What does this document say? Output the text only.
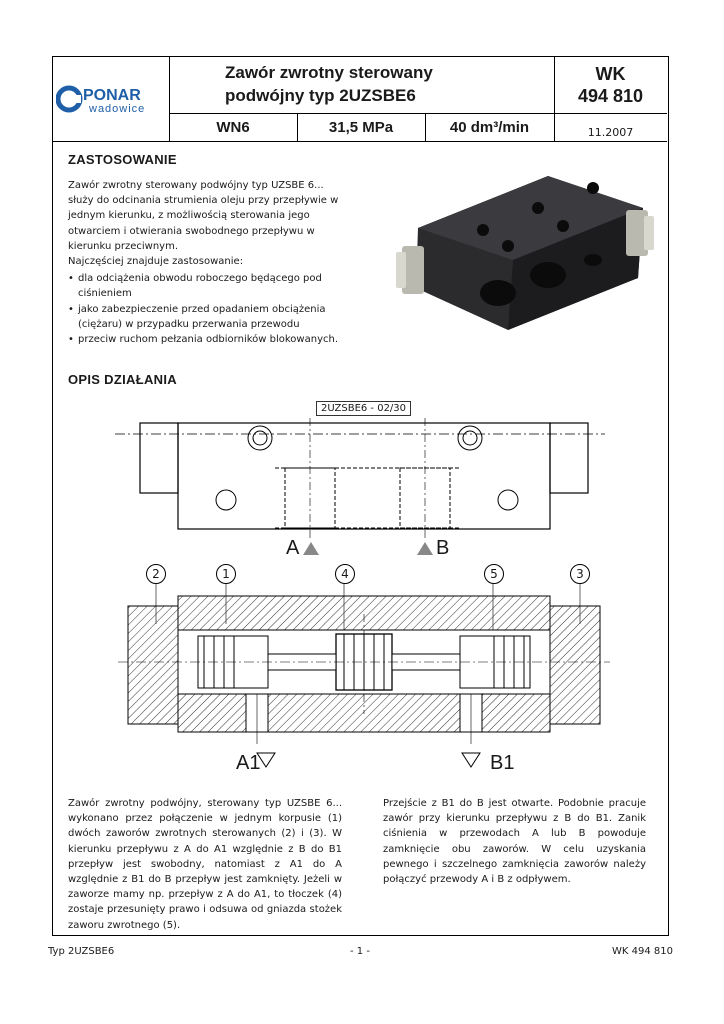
PONAR
wadowice
Zawór zwrotny sterowany
podwójny typ 2UZSBE6
WK
494 810
WN6	31,5 MPa	40 dm³/min	11.2007
ZASTOSOWANIE
Zawór zwrotny sterowany podwójny typ UZSBE 6...
służy do odcinania strumienia oleju przy przepływie w
jednym kierunku, z możliwością sterowania jego
otwarciem i otwierania swobodnego przepływu w
kierunku przeciwnym.
Najczęściej znajduje zastosowanie:
• dla odciążenia obwodu roboczego będącego pod ciśnieniem
• jako zabezpieczenie przed opadaniem obciążenia (ciężaru) w przypadku przerwania przewodu
• przeciw ruchom pełzania odbiorników blokowanych.
OPIS DZIAŁANIA
2UZSBE6 - 02/30
A	B
2	1	4	5	3
A1	B1
Zawór zwrotny podwójny, sterowany typ UZSBE 6... wykonano przez połączenie w jednym korpusie (1) dwóch zaworów zwrotnych sterowanych (2) i (3). W kierunku przepływu z A do A1 względnie z B do B1 przepływ jest swobodny, natomiast z A1 do A względnie z B1 do B przepływ jest zamknięty. Jeżeli w zaworze mamy np. przepływ z A do A1, to tłoczek (4) zostaje przesunięty prawo i odsuwa od gniazda stożek zaworu zwrotnego (5).
Przejście z B1 do B jest otwarte. Podobnie pracuje zawór przy kierunku przepływu z B do B1. Zanik ciśnienia w przewodach A lub B powoduje zamknięcie obu zaworów. W celu uzyskania pewnego i szczelnego zamknięcia zaworów należy połączyć przewody A i B z odpływem.
Typ 2UZSBE6	- 1 -	WK 494 810
